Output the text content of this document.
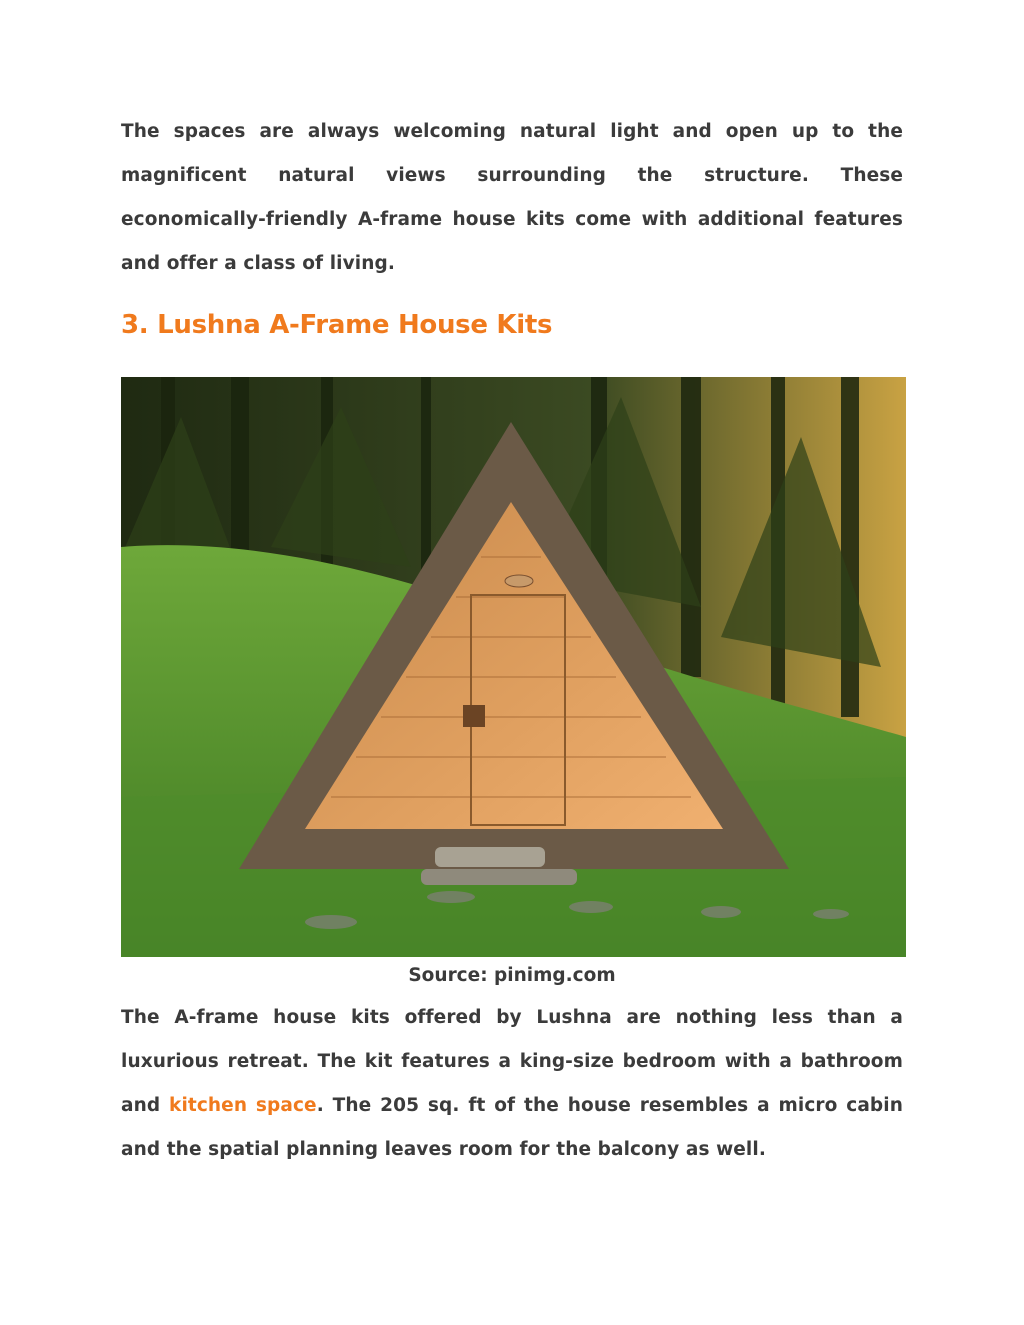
The spaces are always welcoming natural light and open up to the magnificent natural views surrounding the structure. These economically-friendly A-frame house kits come with additional features and offer a class of living.

3. Lushna A-Frame House Kits
Source: pinimg.com

The A-frame house kits offered by Lushna are nothing less than a luxurious retreat. The kit features a king-size bedroom with a bathroom and kitchen space. The 205 sq. ft of the house resembles a micro cabin and the spatial planning leaves room for the balcony as well.
